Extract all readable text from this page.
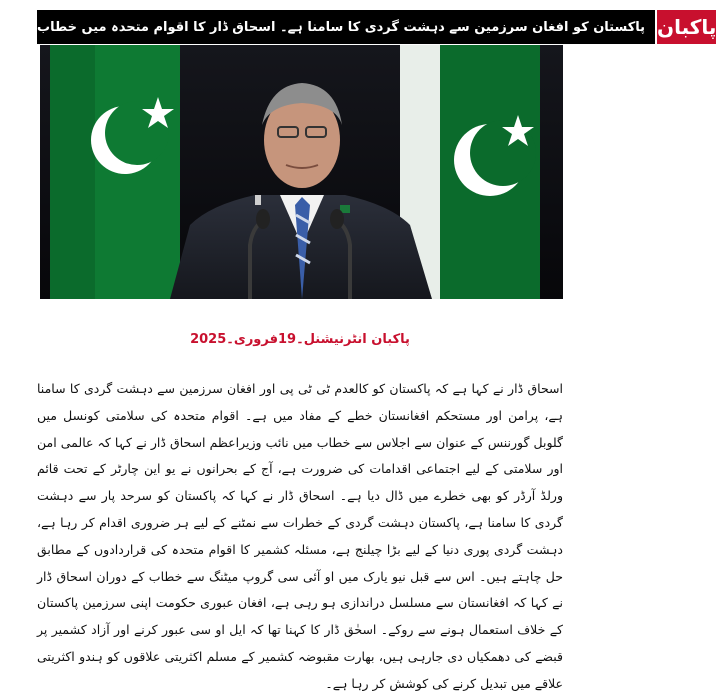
پاکستان کو افغان سرزمین سے دہشت گردی کا سامنا ہے۔ اسحاق ڈار کا اقوام متحدہ میں خطاب پاکبان
پاکبان انٹرنیشنل۔19فروری۔2025

اسحاق ڈار نے کہا ہے کہ پاکستان کو کالعدم ٹی ٹی پی اور افغان سرزمین سے دہشت گردی کا سامنا ہے، پرامن اور مستحکم افغانستان خطے کے مفاد میں ہے۔ اقوام متحدہ کی سلامتی کونسل میں گلوبل گورننس کے عنوان سے اجلاس سے خطاب میں نائب وزیراعظم اسحاق ڈار نے کہا کہ عالمی امن اور سلامتی کے لیے اجتماعی اقدامات کی ضرورت ہے، آج کے بحرانوں نے یو این چارٹر کے تحت قائم ورلڈ آرڈر کو بھی خطرے میں ڈال دیا ہے۔ اسحاق ڈار نے کہا کہ پاکستان کو سرحد پار سے دہشت گردی کا سامنا ہے، پاکستان دہشت گردی کے خطرات سے نمٹنے کے لیے ہر ضروری اقدام کر رہا ہے، دہشت گردی پوری دنیا کے لیے بڑا چیلنج ہے، مسئلہ کشمیر کا اقوام متحدہ کی قراردادوں کے مطابق حل چاہتے ہیں۔ اس سے قبل نیو یارک میں او آئی سی گروپ میٹنگ سے خطاب کے دوران اسحاق ڈار نے کہا کہ افغانستان سے مسلسل دراندازی ہو رہی ہے، افغان عبوری حکومت اپنی سرزمین پاکستان کے خلاف استعمال ہونے سے روکے۔ اسحٰق ڈار کا کہنا تھا کہ ایل او سی عبور کرنے اور آزاد کشمیر پر قبضے کی دھمکیاں دی جارہی ہیں، بھارت مقبوضہ کشمیر کے مسلم اکثریتی علاقوں کو ہندو اکثریتی علاقے میں تبدیل کرنے کی کوشش کر رہا ہے۔
